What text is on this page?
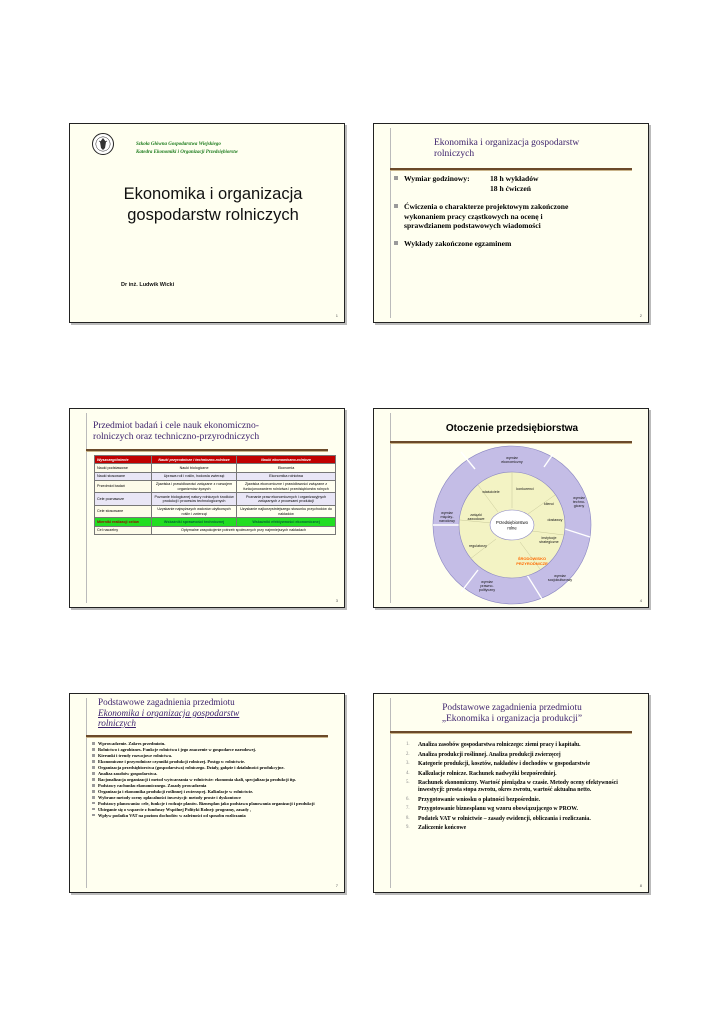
Szkoła Główna Gospodarstwa Wiejskiego
Katedra Ekonomiki i Organizacji Przedsiębiorstw
Ekonomika i organizacja
gospodarstw rolniczych
Dr inż. Ludwik Wicki
1
Ekonomika i organizacja gospodarstw
rolniczych
Wymiar godzinowy:	18 h wykładów
18 h ćwiczeń
Ćwiczenia o charakterze projektowym zakończone
wykonaniem pracy cząstkowych na ocenę i
sprawdzianem podstawowych wiadomości
Wykłady zakończone egzaminem
2
Przedmiot badań i cele nauk ekonomiczno-
rolniczych oraz techniczno-przyrodniczych
Wyszczególnienie	Nauki przyrodnicze i techniczno-rolnicze	Nauki ekonomiczno-rolnicze
Nauki podstawowe	Nauki biologiczne	Ekonomia
Nauki stosowane	Uprawa roli i roślin, hodowla zwierząt	Ekonomika rolnictwa
Przedmiot badań	Zjawiska i prawidłowości związane z rozwojem organizmów żywych	Zjawiska ekonomiczne i prawidłowości związane z funkcjonowaniem rolnictwa i przedsiębiorstw rolnych
Cele poznawcze	Poznanie biologicznej natury rolniczych środków produkcji i procesów technologicznych	Poznanie praw ekonomicznych i organizacyjnych związanych z procesami produkcji
Cele stosowane	Uzyskanie najwyższych walorów użytkowych roślin i zwierząt	Uzyskanie najkorzystniejszego stosunku przychodów do nakładów
Mierniki realizacji celów	Wskaźniki sprawności technicznej	Wskaźniki efektywności ekonomicznej
Cel naczelny	Optymalne zaspokojenie potrzeb społecznych przy najmniejszych nakładach	
3
Otoczenie przedsiębiorstwa
Przedsiębiorstwo
rolne
wymiar
ekonomiczny
wymiar
techno-
giczny
wymiar
socjokulturowy
wymiar
prawno-
polityczny
wymiar
między-
narodowy
konkurenci
klienci
dostawcy
instytucje
strategiczne
regulatorzy
związki
zawodowe
właściciele
ŚRODOWISKO
PRZYRODNICZE
4
Podstawowe zagadnienia przedmiotu
Ekonomika i organizacja gospodarstw
rolniczych
Wprowadzenie. Zakres przedmiotu.
Rolnictwo i agrobiznes. Funkcje rolnictwa i jego znaczenie w gospodarce narodowej.
Kierunki i trendy rozwojowe rolnictwa.
Ekonomiczne i przyrodnicze czynniki produkcji rolniczej. Postęp w rolnictwie.
Organizacja przedsiębiorstwa (gospodarstwa) rolniczego. Działy, gałęzie i działalności produkcyjne.
Analiza zasobów gospodarstwa.
Racjonalizacja organizacji i metod wytwarzania w rolnictwie: ekonomia skali, specjalizacja produkcji itp.
Podstawy rachunku ekonomicznego. Zasady prowadzenia
Organizacja i ekonomika produkcji roślinnej i zwierzęcej. Kalkulacje w rolnictwie.
Wybrane metody oceny opłacalności inwestycji: metody proste i dyskontowe
Podstawy planowania: cele, funkcje i rodzaje planów. Biznesplan jako podstawa planowania organizacji i produkcji
Ubieganie się o wsparcie z funduszy Wspólnej Polityki Rolnej: programy, zasady ,
Wpływ podatku VAT na poziom dochodów w zależności od sposobu rozliczania
7
Podstawowe zagadnienia przedmiotu
„Ekonomika i organizacja produkcji”
1. Analiza zasobów gospodarstwa rolniczego: ziemi pracy i kapitału.
2. Analiza produkcji roślinnej. Analiza produkcji zwierzęcej
3. Kategorie produkcji, kosztów, nakładów i dochodów w gospodarstwie
4. Kalkulacje rolnicze. Rachunek nadwyżki bezpośredniej.
5. Rachunek ekonomiczny. Wartość pieniądza w czasie. Metody oceny efektywności inwestycji: prosta stopa zwrotu, okres zwrotu, wartość aktualna netto.
6. Przygotowanie wniosku o płatności bezpośrednie.
7. Przygotowanie biznesplanu wg wzoru obowiązującego w PROW.
8. Podatek VAT w rolnictwie – zasady ewidencji, obliczania i rozliczania.
9. Zaliczenie końcowe
8
